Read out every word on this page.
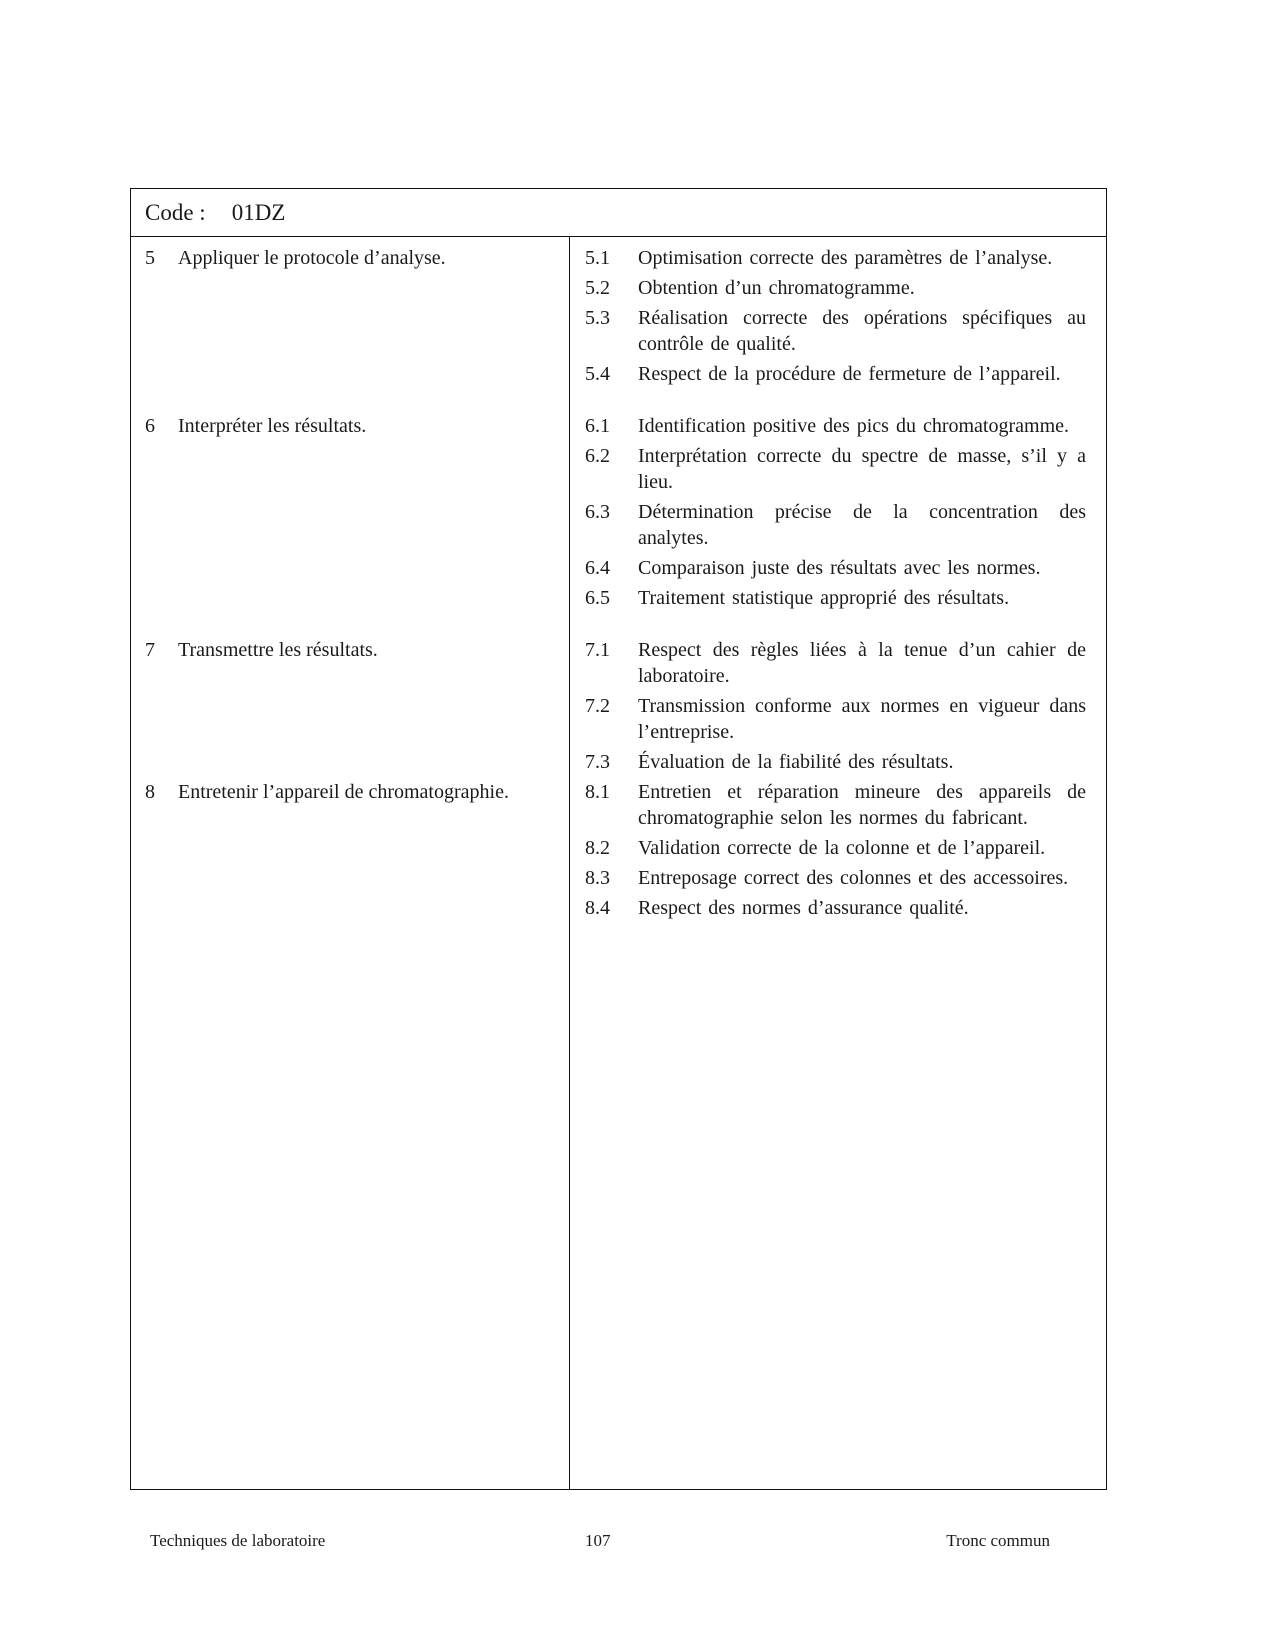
Code : 01DZ
5	Appliquer le protocole d’analyse.	5.1	Optimisation correcte des paramètres de l’analyse.
5.2	Obtention d’un chromatogramme.
5.3	Réalisation correcte des opérations spécifiques au contrôle de qualité.
5.4	Respect de la procédure de fermeture de l’appareil.
6	Interpréter les résultats.	6.1	Identification positive des pics du chromatogramme.
6.2	Interprétation correcte du spectre de masse, s’il y a lieu.
6.3	Détermination précise de la concentration des analytes.
6.4	Comparaison juste des résultats avec les normes.
6.5	Traitement statistique approprié des résultats.
7	Transmettre les résultats.	7.1	Respect des règles liées à la tenue d’un cahier de laboratoire.
7.2	Transmission conforme aux normes en vigueur dans l’entreprise.
7.3	Évaluation de la fiabilité des résultats.
8	Entretenir l’appareil de chromatographie.	8.1	Entretien et réparation mineure des appareils de chromatographie selon les normes du fabricant.
8.2	Validation correcte de la colonne et de l’appareil.
8.3	Entreposage correct des colonnes et des accessoires.
8.4	Respect des normes d’assurance qualité.
Techniques de laboratoire	107	Tronc commun
